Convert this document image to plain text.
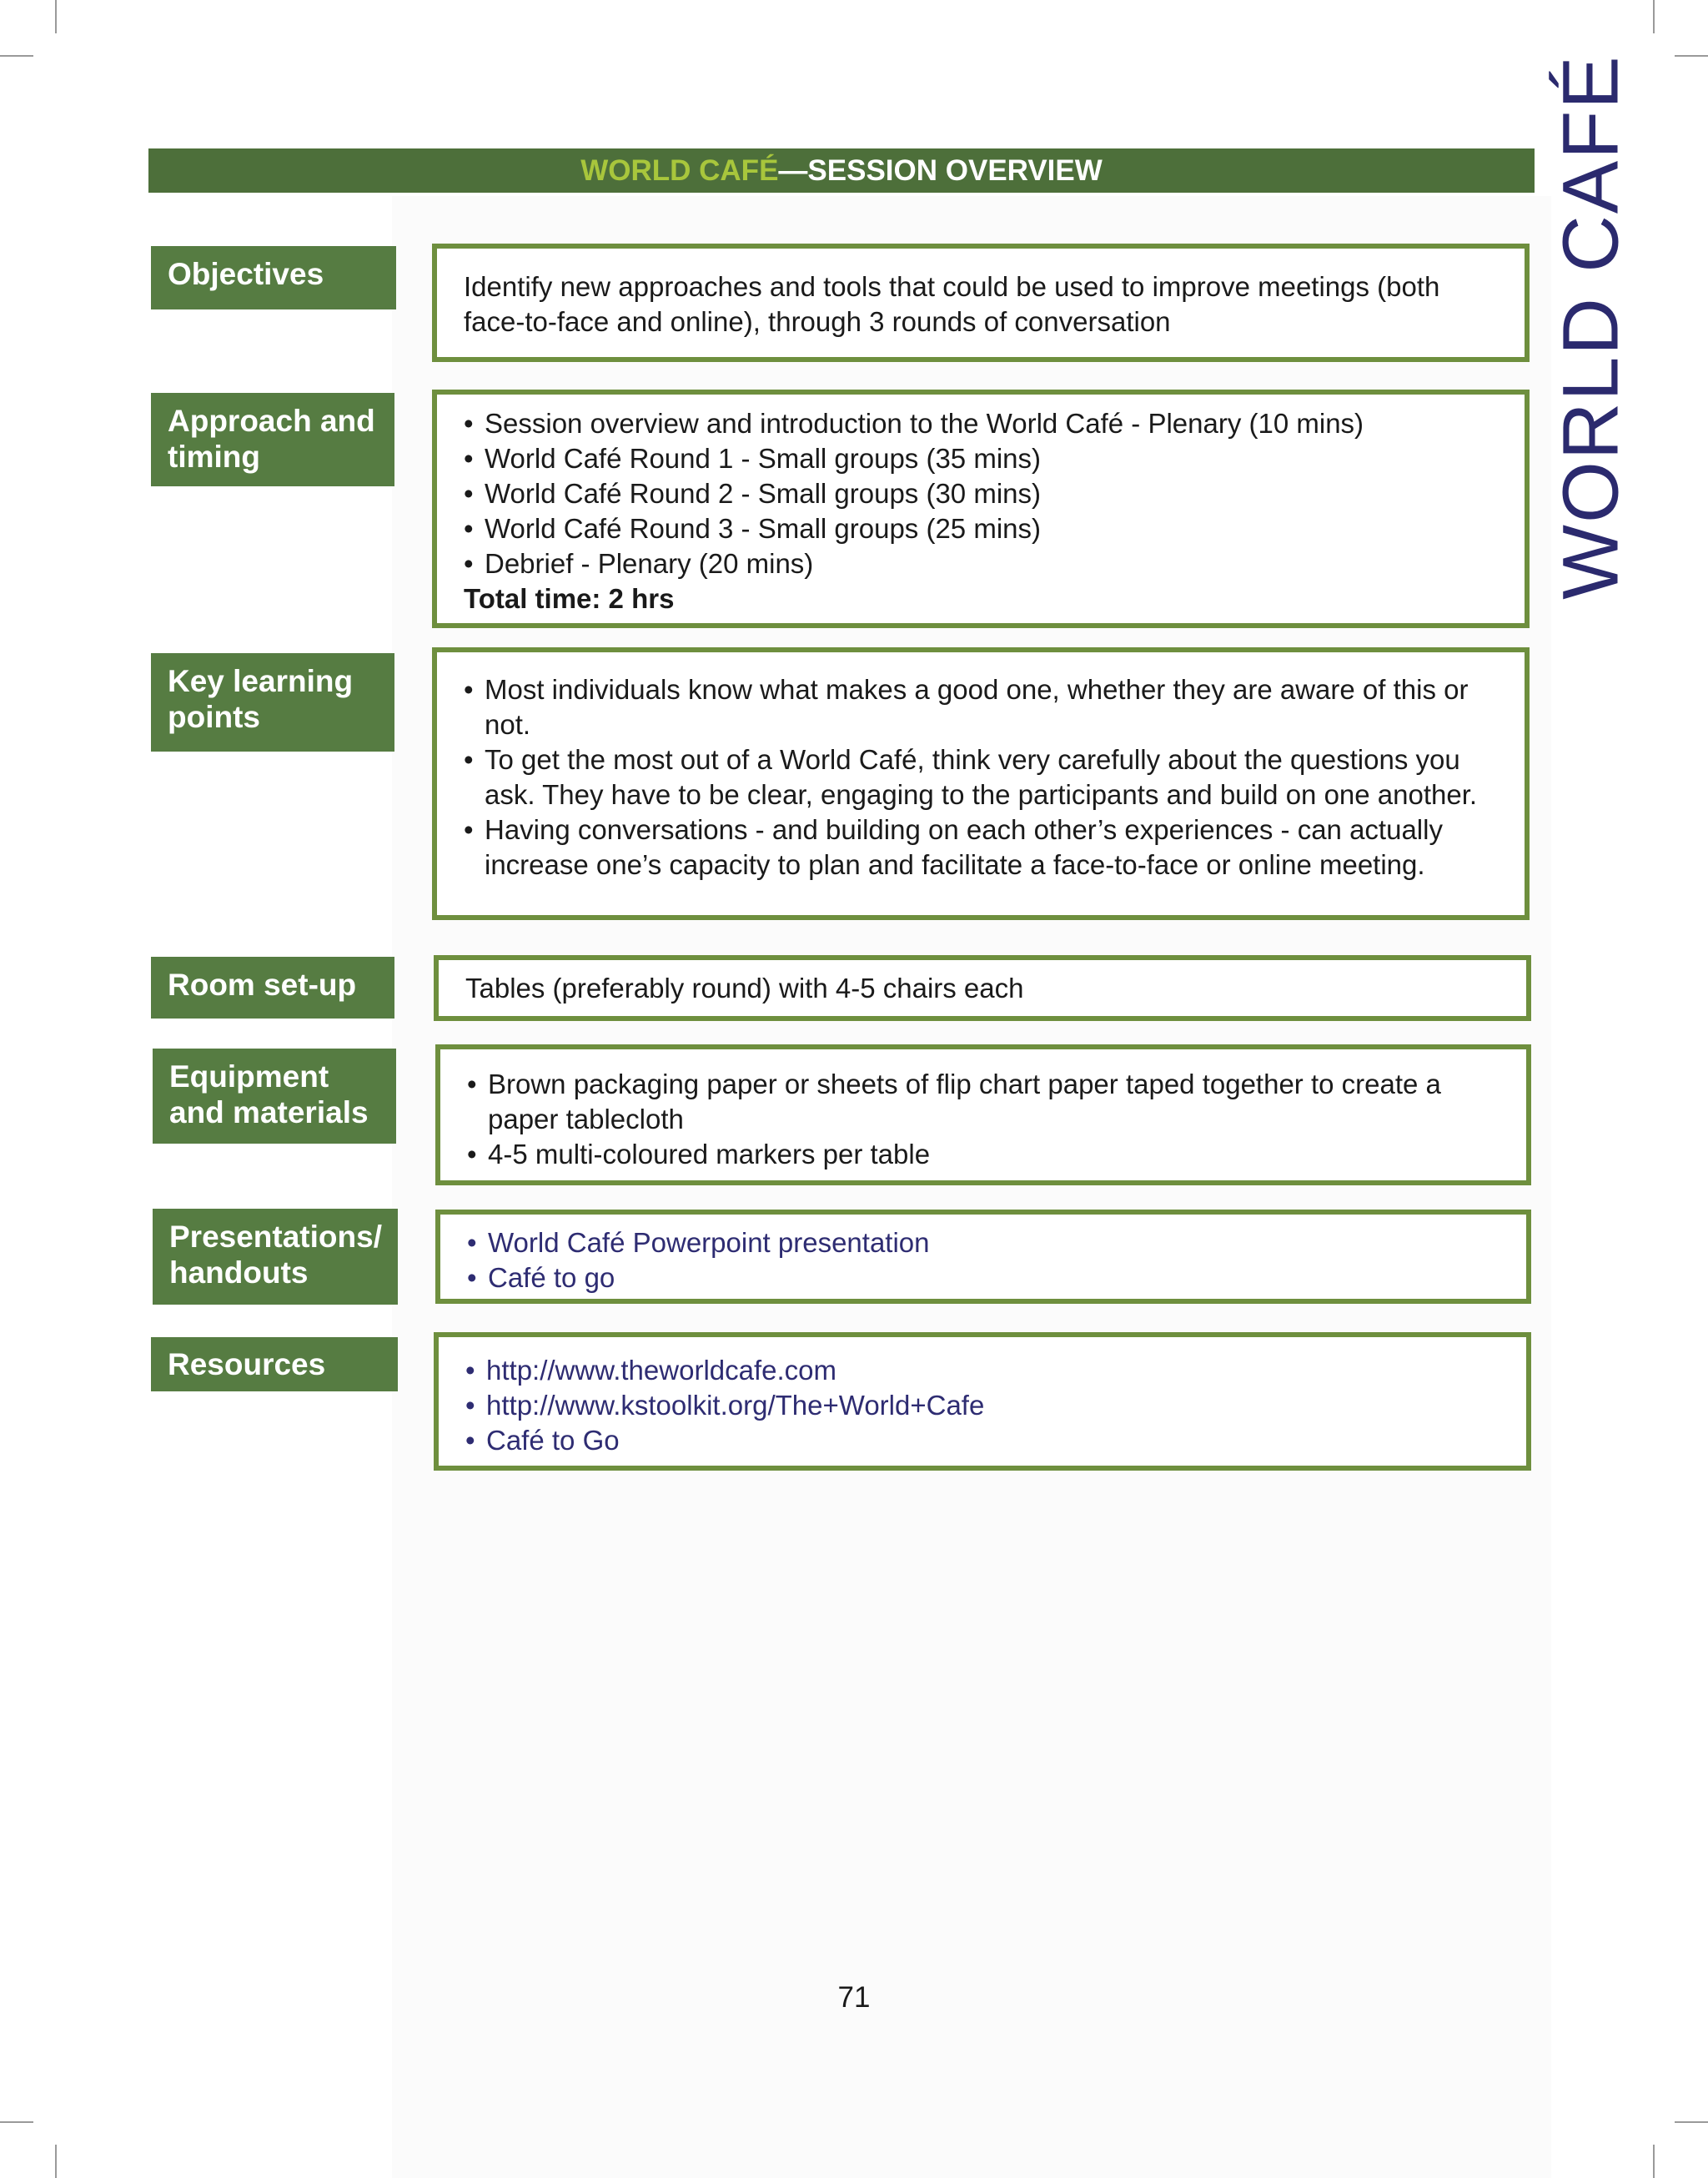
WORLD CAFÉ—SESSION OVERVIEW	WORLD CAFÉ
Objectives	Identify new approaches and tools that could be used to improve meetings (both face-to-face and online), through 3 rounds of conversation
Approach and timing
• Session overview and introduction to the World Café - Plenary (10 mins)
• World Café Round 1 - Small groups (35 mins)
• World Café Round 2 - Small groups (30 mins)
• World Café Round 3 - Small groups (25 mins)
• Debrief - Plenary (20 mins)
Total time: 2 hrs
Key learning points
• Most individuals know what makes a good one, whether they are aware of this or not.
• To get the most out of a World Café, think very carefully about the questions you ask. They have to be clear, engaging to the participants and build on one another.
• Having conversations - and building on each other’s experiences - can actually increase one’s capacity to plan and facilitate a face-to-face or online meeting.
Room set-up	Tables (preferably round) with 4-5 chairs each
Equipment and materials
• Brown packaging paper or sheets of flip chart paper taped together to create a paper tablecloth
• 4-5 multi-coloured markers per table
Presentations/ handouts
• World Café Powerpoint presentation
• Café to go
Resources
•	http://www.theworldcafe.com
• http://www.kstoolkit.org/The+World+Cafe
• Café to Go
71
